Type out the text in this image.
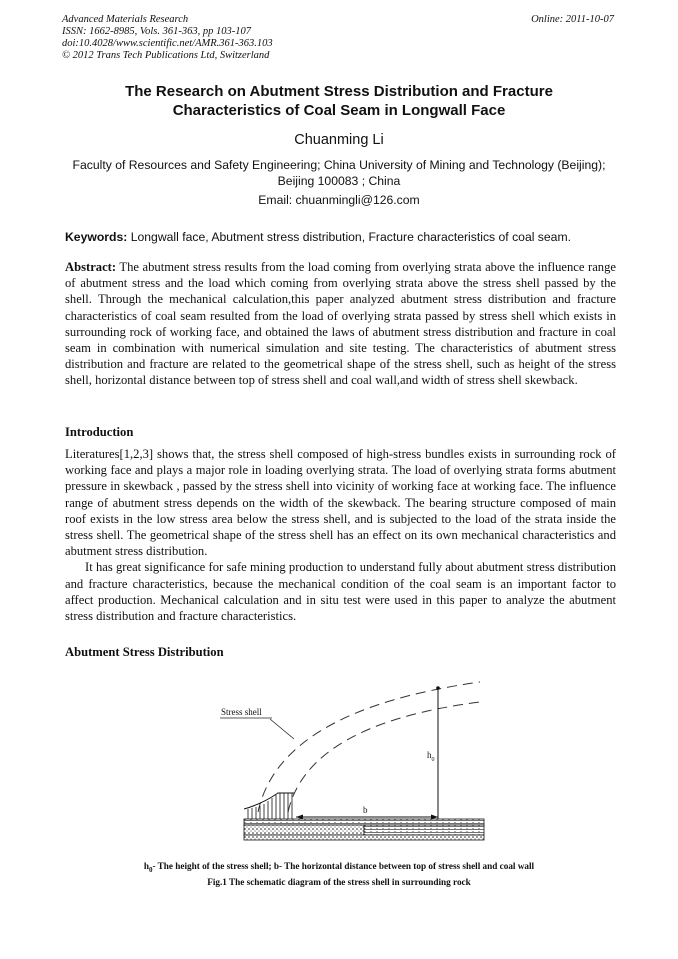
Advanced Materials Research
ISSN: 1662-8985, Vols. 361-363, pp 103-107
doi:10.4028/www.scientific.net/AMR.361-363.103
© 2012 Trans Tech Publications Ltd, Switzerland
Online: 2011-10-07
The Research on Abutment Stress Distribution and Fracture
Characteristics of Coal Seam in Longwall Face
Chuanming Li
Faculty of Resources and Safety Engineering; China University of Mining and Technology (Beijing);
Beijing 100083 ; China
Email: chuanmingli@126.com
Keywords: Longwall face, Abutment stress distribution, Fracture characteristics of coal seam.
Abstract: The abutment stress results from the load coming from overlying strata above the influence range of abutment stress and the load which coming from overlying strata above the stress shell passed by the shell. Through the mechanical calculation,this paper analyzed abutment stress distribution and fracture characteristics of coal seam resulted from the load of overlying strata passed by stress shell which exists in surrounding rock of working face, and obtained the laws of abutment stress distribution and fracture in coal seam in combination with numerical simulation and site testing. The characteristics of abutment stress distribution and fracture are related to the geometrical shape of the stress shell, such as height of the stress shell, horizontal distance between top of stress shell and coal wall,and width of stress shell skewback.
Introduction

Literatures[1,2,3] shows that, the stress shell composed of high-stress bundles exists in surrounding rock of working face and plays a major role in loading overlying strata. The load of overlying strata forms abutment pressure in skewback , passed by the stress shell into vicinity of working face at working face. The influence range of abutment stress depends on the width of the skewback. The bearing structure composed of main roof exists in the low stress area below the stress shell, and is subjected to the load of the strata inside the stress shell. The geometrical shape of the stress shell has an effect on its own mechanical characteristics and abutment stress distribution.

It has great significance for safe mining production to understand fully about abutment stress distribution and fracture characteristics, because the mechanical condition of the coal seam is an important factor to affect production. Mechanical calculation and in situ test were used in this paper to analyze the abutment stress distribution and fracture characteristics.

Abutment Stress Distribution
Stress shell
$h_0$
b
$h_0-$ The height of the stress shell; b- The horizontal distance between top of stress shell and coal wall
Fig.1 The schematic diagram of the stress shell in surrounding rock
